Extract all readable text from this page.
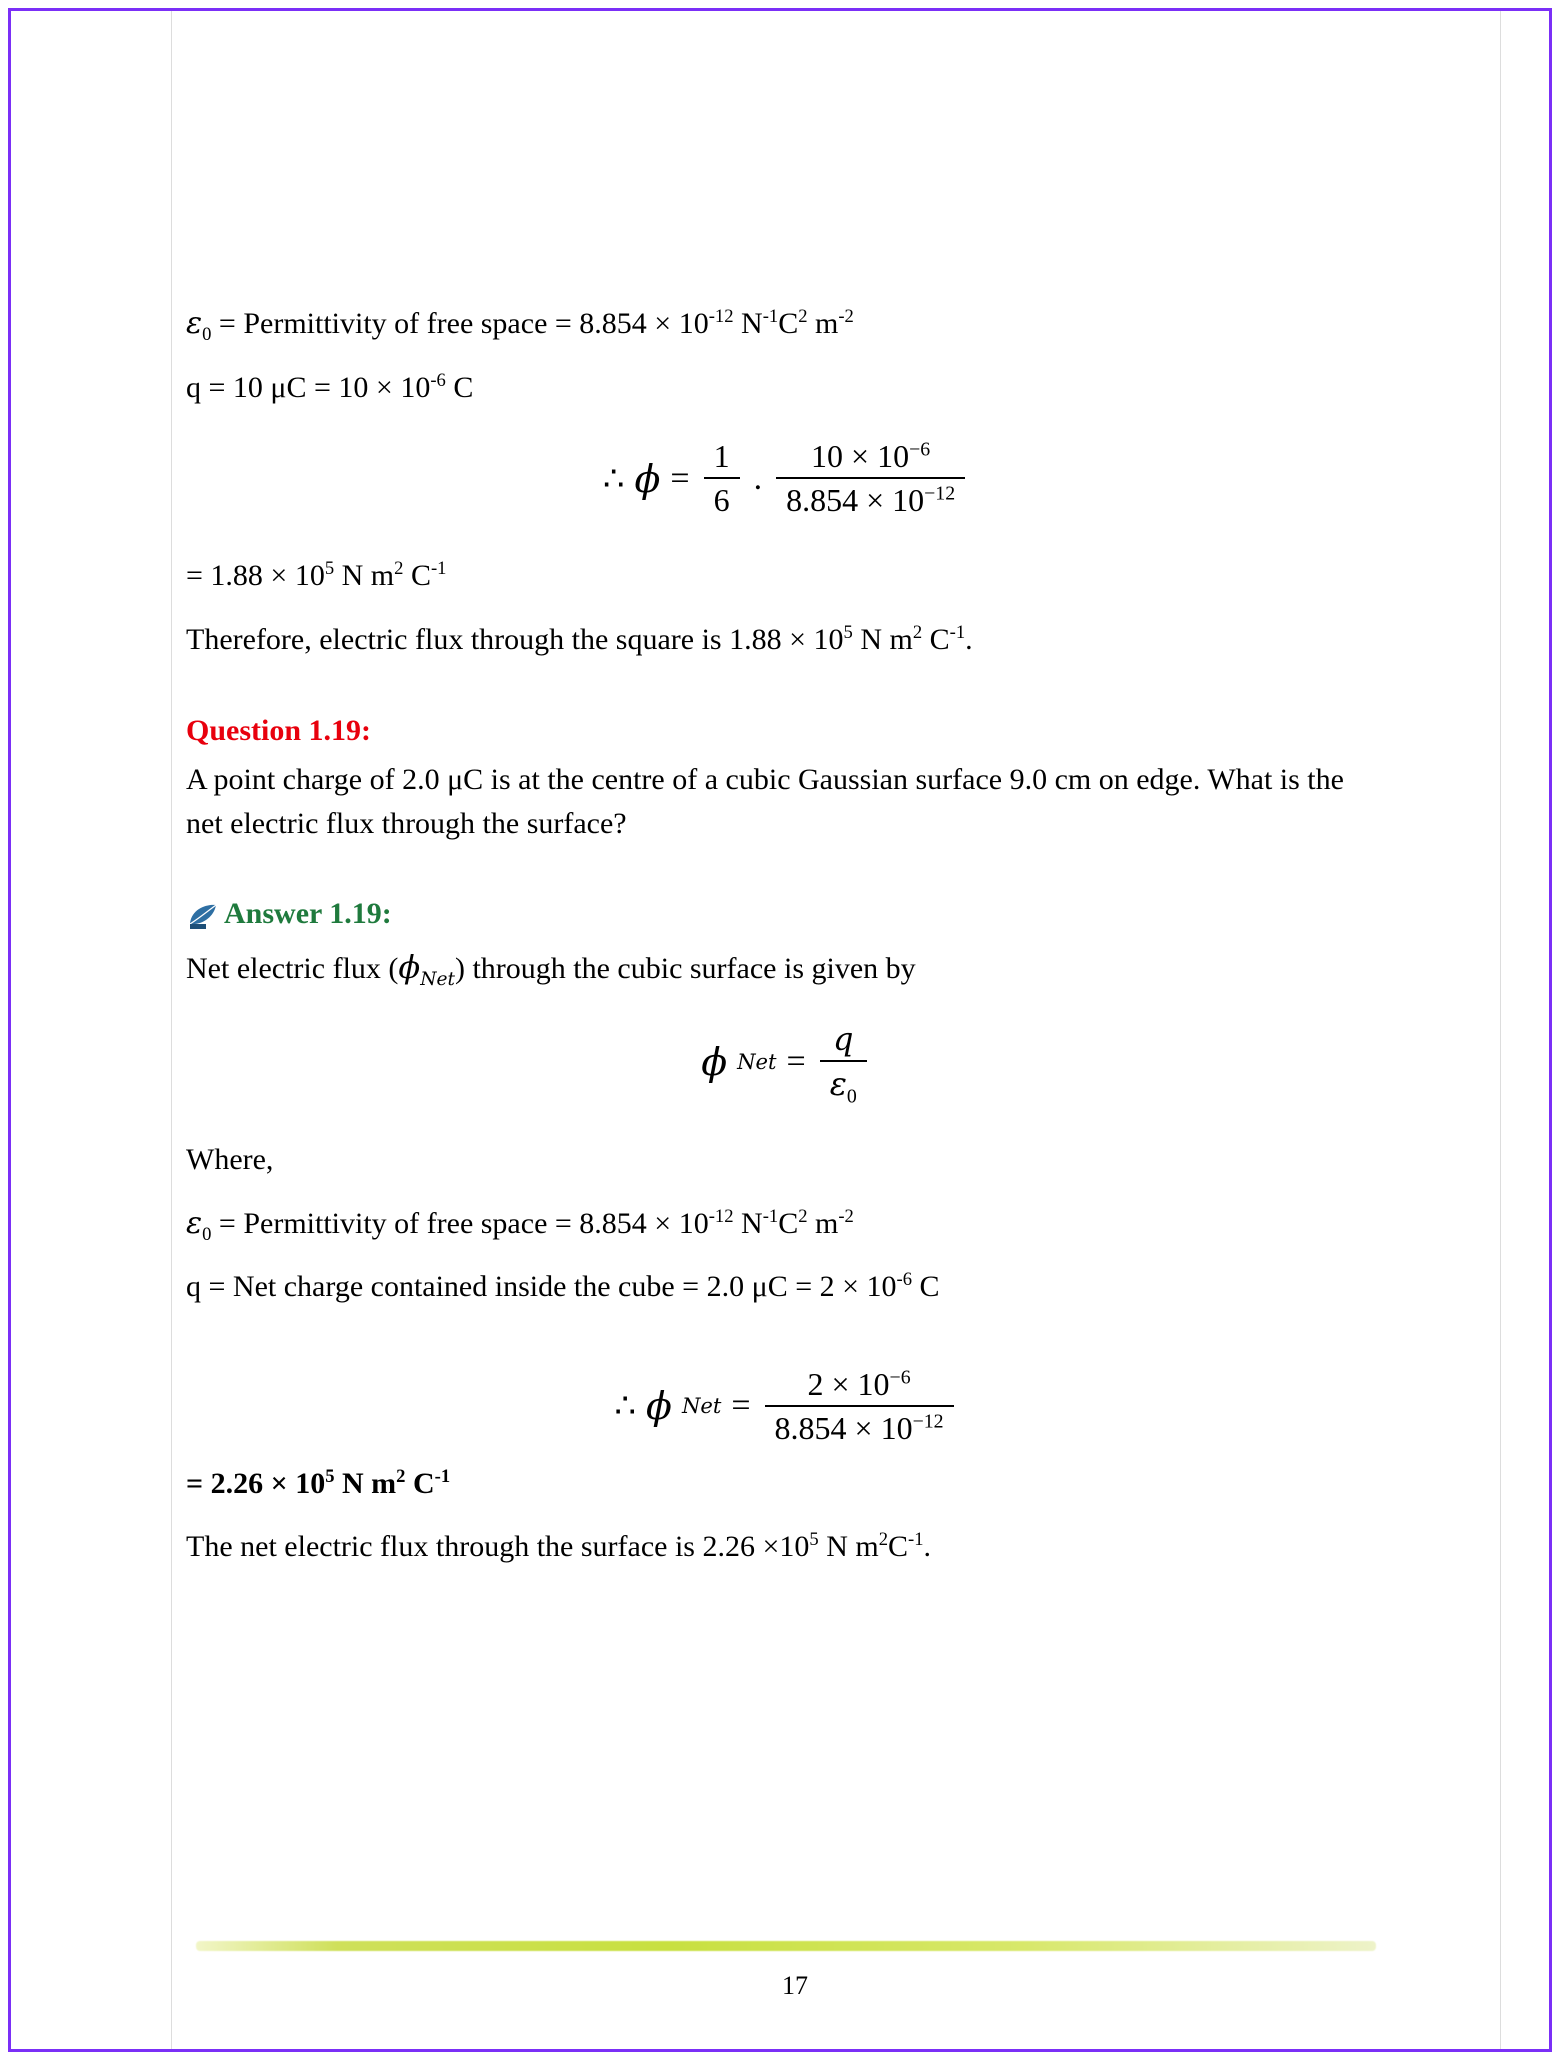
$\varepsilon_0$ = Permittivity of free space = $8.854 \times 10^{-12}$ $N^{-1}C^2$ $m^{-2}$

q = 10 $\mu C = 10 \times 10^{-6}$ C

∴ $\phi = \frac{1}{6}$ . $\frac{10 \times 10^{-6}}{8.854 \times 10^{-12}}$

= $1.88 \times 10^5$ N $m^2$ $C^{-1}$

Therefore, electric flux through the square is $1.88 \times 10^5$ N $m^2$ $C^{-1}$.

Question 1.19:

A point charge of 2.0 μC is at the centre of a cubic Gaussian surface 9.0 cm on edge. What is the net electric flux through the surface?

Answer 1.19:

Net electric flux $(\phi_{Net})$ through the cubic surface is given by

ϕ Net = $\frac{q}{\varepsilon_0}$

Where,

$\varepsilon_0$ = Permittivity of free space = $8.854 \times 10^{-12}$ $N^{-1}C^2$ $m^{-2}$

q = Net charge contained inside the cube = 2.0 $\mu C = 2 \times 10^{-6}$ C

∴ ϕ Net = $\frac{2 \times 10^{-6}}{8.854 \times 10^{-12}}$

= $2.26 \times 10^5$ N $m^2$ $C^{-1}$

The net electric flux through the surface is $2.26 \times 10^5$ N $m^2C^{-1}$.

17
